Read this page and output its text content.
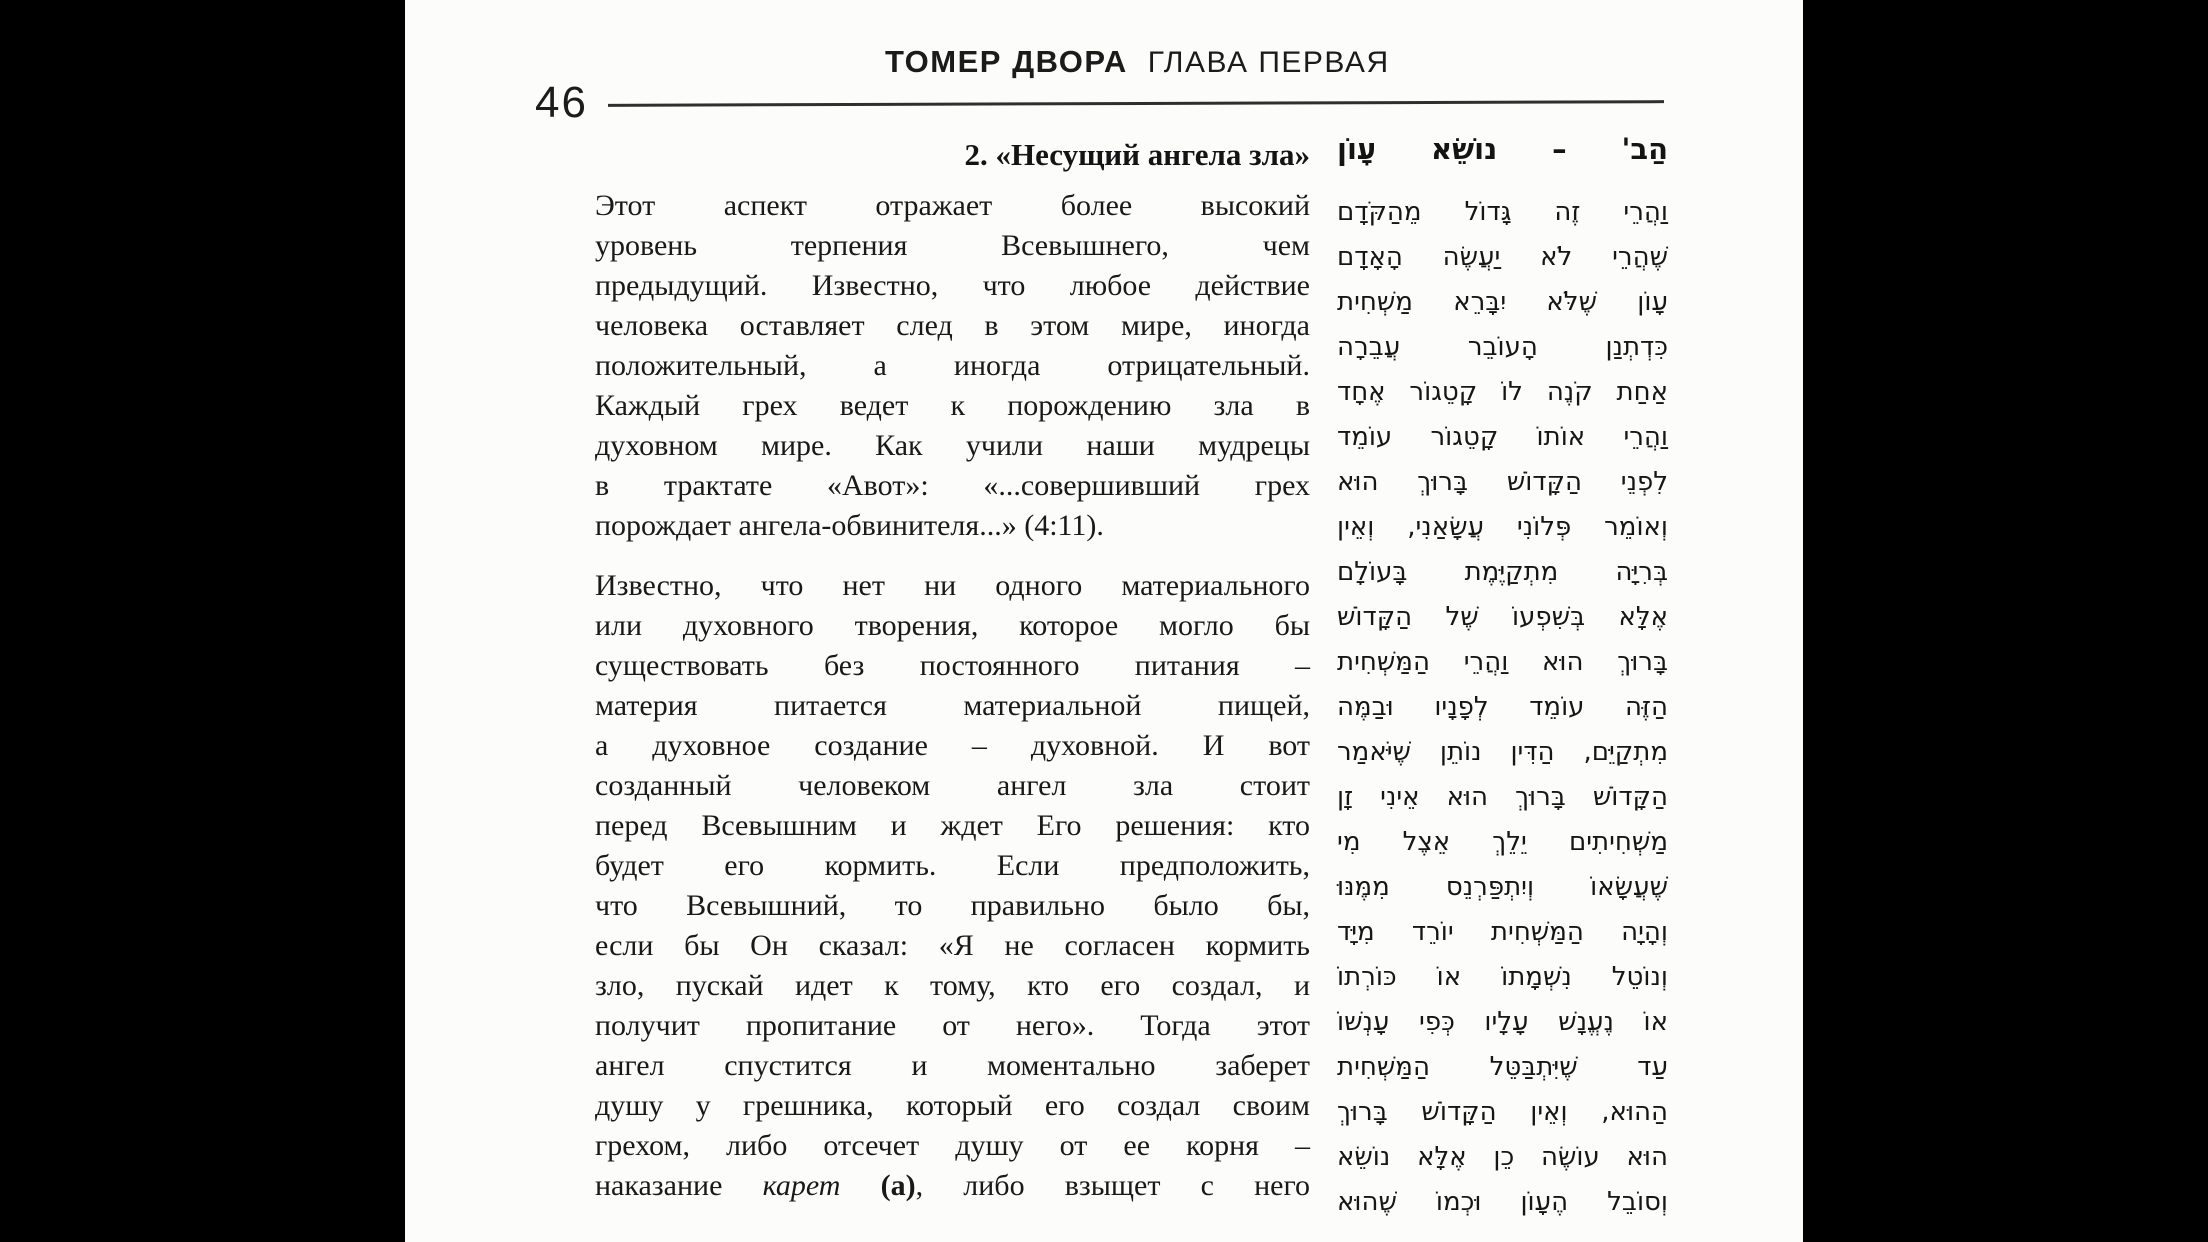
46
ТОМЕР ДВОРА ГЛАВА ПЕРВАЯ
2. «Несущий ангела зла» הַב' – נוֹשֵׂא עָוֹן
Этот аспект отражает более высокий
уровень терпения Всевышнего, чем
предыдущий. Известно, что любое действие
человека оставляет след в этом мире, иногда
положительный, а иногда отрицательный.
Каждый грех ведет к порождению зла в
духовном мире. Как учили наши мудрецы
в трактате «Авот»: «...совершивший грех
порождает ангела-обвинителя...» (4:11).
Известно, что нет ни одного материального
или духовного творения, которое могло бы
существовать без постоянного питания –
материя питается материальной пищей,
а духовное создание – духовной. И вот
созданный человеком ангел зла стоит
перед Всевышним и ждет Его решения: кто
будет его кормить. Если предположить,
что Всевышний, то правильно было бы,
если бы Он сказал: «Я не согласен кормить
зло, пускай идет к тому, кто его создал, и
получит пропитание от него». Тогда этот
ангел спустится и моментально заберет
душу у грешника, который его создал своим
грехом, либо отсечет душу от ее корня –
наказание карет (а), либо взыщет с него
וַהֲרֵי זֶה גָּדוֹל מֵהַקֹּדָם
שֶׁהֲרֵי לֹא יַעֲשֶׂה הָאָדָם
עָוֹן שֶׁלֹּא יִבָּרֵא מַשְׁחִית
כִּדְתְנַן הָעוֹבֵר עֲבֵרָה
אַחַת קֹנֶה לוֹ קָטֵגוֹר אֶחָד
וַהֲרֵי אוֹתוֹ קָטֵגוֹר עוֹמֵד
לִפְנֵי הַקָּדוֹשׁ בָּרוּךְ הוּא
וְאוֹמֵר פְּלוֹנִי עֲשָׂאַנִי, וְאֵין
בְּרִיָּה מִתְקַיֶּמֶת בָּעוֹלָם
אֶלָּא בְּשִׁפְעוֹ שֶׁל הַקָּדוֹשׁ
בָּרוּךְ הוּא וַהֲרֵי הַמַּשְׁחִית
הַזֶּה עוֹמֵד לְפָנָיו וּבַמֶּה
מִתְקַיֵּם, הַדִּין נוֹתֵן שֶׁיֹּאמַר
הַקָּדוֹשׁ בָּרוּךְ הוּא אֵינִי זָן
מַשְׁחִיתִים יֵלֵךְ אֵצֶל מִי
שֶׁעֲשָׂאוֹ וְיִתְפַּרְנֵס מִמֶּנּוּ
וְהָיָה הַמַּשְׁחִית יוֹרֵד מִיָּד
וְנוֹטֵל נִשְׁמָתוֹ אוֹ כּוֹרְתוֹ
אוֹ נֶעֱנָשׁ עָלָיו כְּפִי עָנְשׁוֹ
עַד שֶׁיִּתְבַּטֵּל הַמַּשְׁחִית
הַהוּא, וְאֵין הַקָּדוֹשׁ בָּרוּךְ
הוּא עוֹשֶׂה כֵן אֶלָּא נוֹשֵׂא
וְסוֹבֵל הֶעָוֹן וּכְמוֹ שֶׁהוּא
